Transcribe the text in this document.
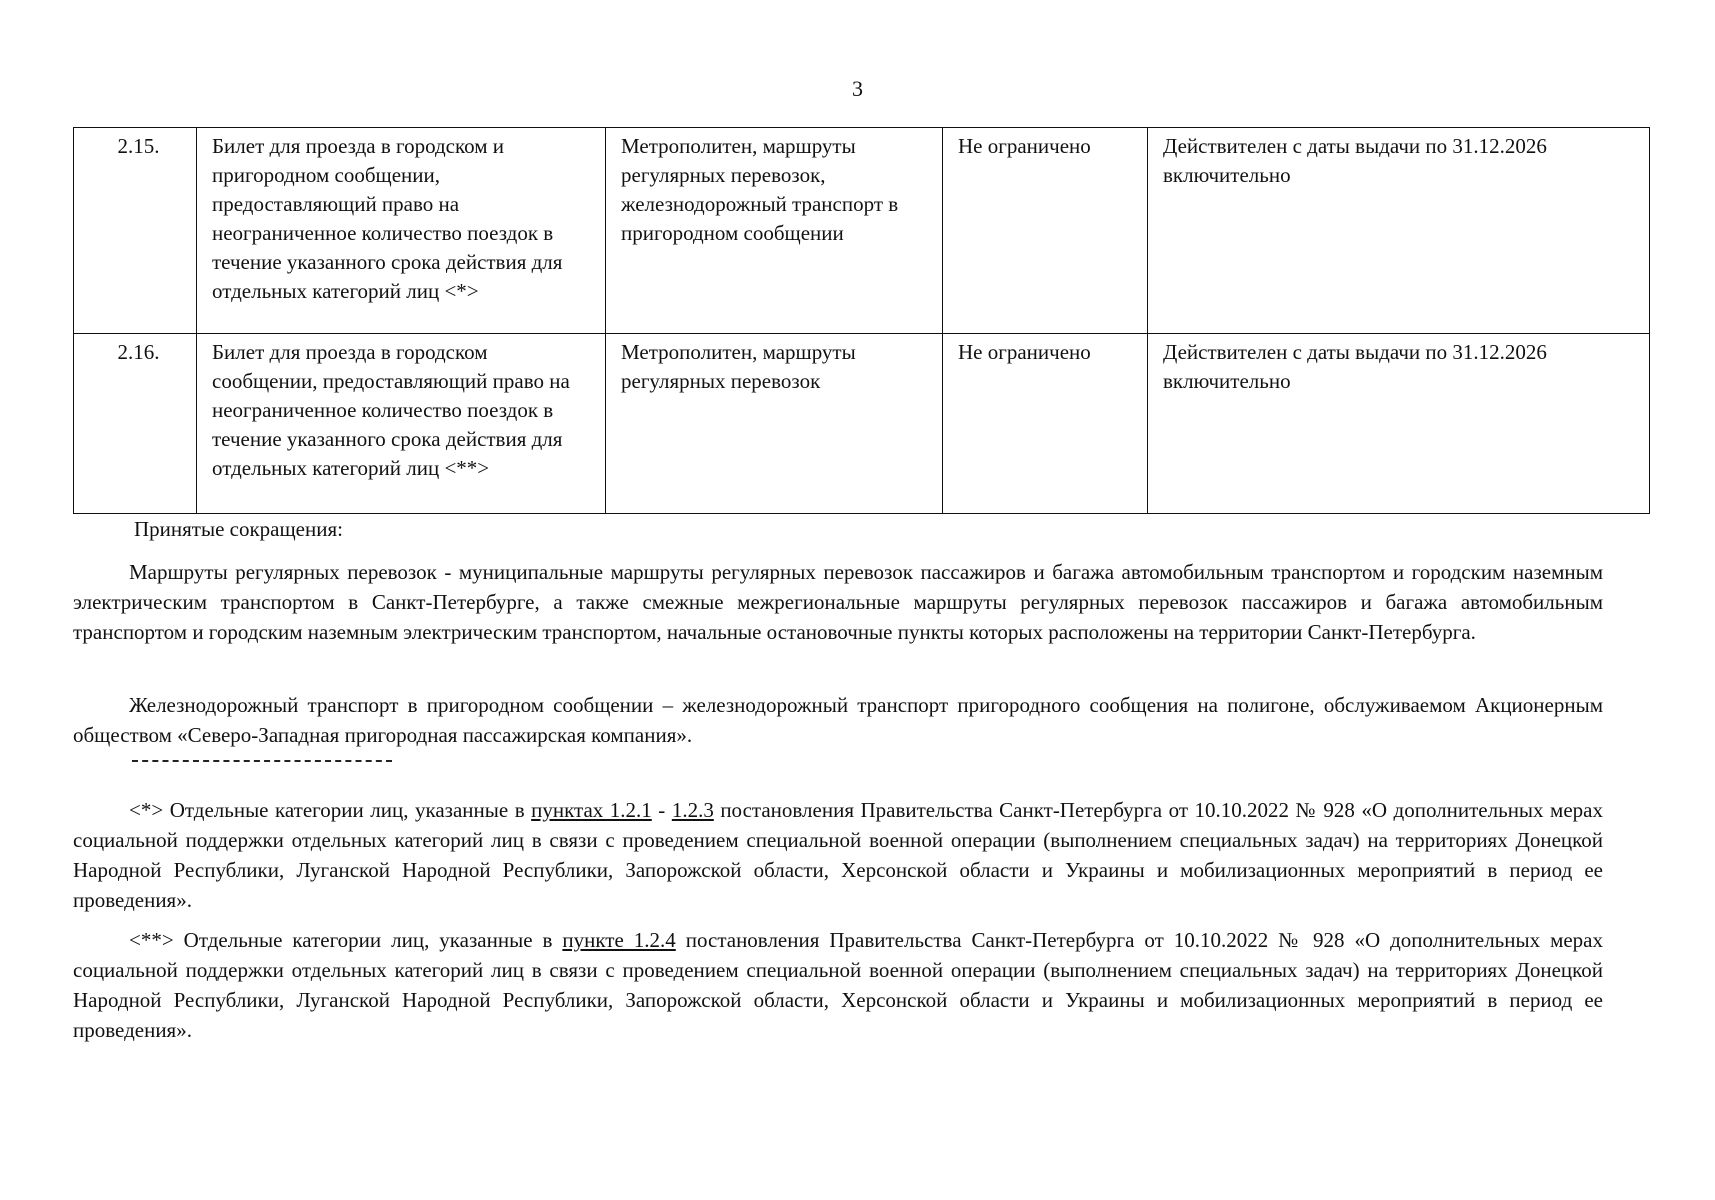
3
2.15.	Билет для проезда в городском и пригородном сообщении, предоставляющий право на неограниченное количество поездок в течение указанного срока действия для отдельных категорий лиц <*>	Метрополитен, маршруты регулярных перевозок, железнодорожный транспорт в пригородном сообщении	Не ограничено	Действителен с даты выдачи по 31.12.2026 включительно
2.16.	Билет для проезда в городском сообщении, предоставляющий право на неограниченное количество поездок в течение указанного срока действия для отдельных категорий лиц <**>	Метрополитен, маршруты регулярных перевозок	Не ограничено	Действителен с даты выдачи по 31.12.2026 включительно
Принятые сокращения:
Маршруты регулярных перевозок - муниципальные маршруты регулярных перевозок пассажиров и багажа автомобильным транспортом и городским наземным электрическим транспортом в Санкт-Петербурге, а также смежные межрегиональные маршруты регулярных перевозок пассажиров и багажа автомобильным транспортом и городским наземным электрическим транспортом, начальные остановочные пункты которых расположены на территории Санкт-Петербурга.
Железнодорожный транспорт в пригородном сообщении – железнодорожный транспорт пригородного сообщения на полигоне, обслуживаемом Акционерным обществом «Северо-Западная пригородная пассажирская компания».
<*> Отдельные категории лиц, указанные в пунктах 1.2.1 - 1.2.3 постановления Правительства Санкт-Петербурга от 10.10.2022 № 928 «О дополнительных мерах социальной поддержки отдельных категорий лиц в связи с проведением специальной военной операции (выполнением специальных задач) на территориях Донецкой Народной Республики, Луганской Народной Республики, Запорожской области, Херсонской области и Украины и мобилизационных мероприятий в период ее проведения».
<**> Отдельные категории лиц, указанные в пункте 1.2.4 постановления Правительства Санкт-Петербурга от 10.10.2022 № 928 «О дополнительных мерах социальной поддержки отдельных категорий лиц в связи с проведением специальной военной операции (выполнением специальных задач) на территориях Донецкой Народной Республики, Луганской Народной Республики, Запорожской области, Херсонской области и Украины и мобилизационных мероприятий в период ее проведения».
